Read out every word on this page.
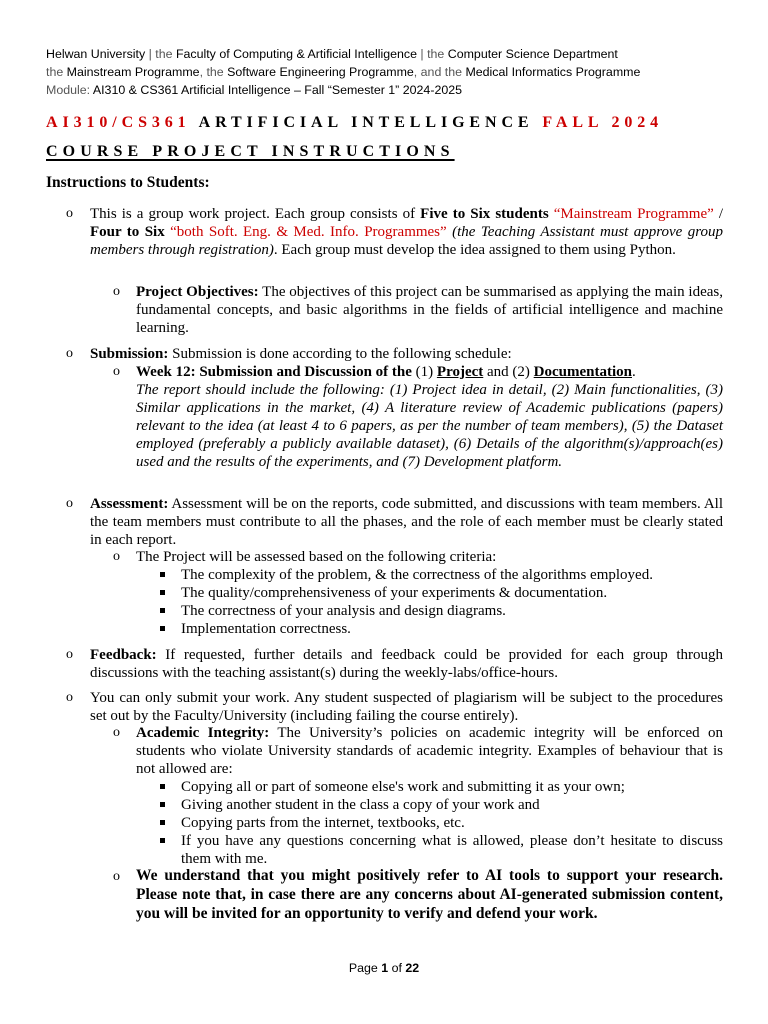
Helwan University | the Faculty of Computing & Artificial Intelligence | the Computer Science Department
the Mainstream Programme, the Software Engineering Programme, and the Medical Informatics Programme
Module: AI310 & CS361 Artificial Intelligence – Fall “Semester 1” 2024-2025
AI310/CS361 ARTIFICIAL INTELLIGENCE FALL 2024
COURSE PROJECT INSTRUCTIONS
Instructions to Students:
o This is a group work project. Each group consists of Five to Six students “Mainstream Programme” / Four to Six “both Soft. Eng. & Med. Info. Programmes” (the Teaching Assistant must approve group members through registration). Each group must develop the idea assigned to them using Python.
o Project Objectives: The objectives of this project can be summarised as applying the main ideas, fundamental concepts, and basic algorithms in the fields of artificial intelligence and machine learning.
o Submission: Submission is done according to the following schedule:
o Week 12: Submission and Discussion of the (1) Project and (2) Documentation.
The report should include the following: (1) Project idea in detail, (2) Main functionalities, (3) Similar applications in the market, (4) A literature review of Academic publications (papers) relevant to the idea (at least 4 to 6 papers, as per the number of team members), (5) the Dataset employed (preferably a publicly available dataset), (6) Details of the algorithm(s)/approach(es) used and the results of the experiments, and (7) Development platform.
o Assessment: Assessment will be on the reports, code submitted, and discussions with team members. All the team members must contribute to all the phases, and the role of each member must be clearly stated in each report.
o The Project will be assessed based on the following criteria:
The complexity of the problem, & the correctness of the algorithms employed.
The quality/comprehensiveness of your experiments & documentation.
The correctness of your analysis and design diagrams.
Implementation correctness.
o Feedback: If requested, further details and feedback could be provided for each group through discussions with the teaching assistant(s) during the weekly-labs/office-hours.
o You can only submit your work. Any student suspected of plagiarism will be subject to the procedures set out by the Faculty/University (including failing the course entirely).
o Academic Integrity: The University’s policies on academic integrity will be enforced on students who violate University standards of academic integrity. Examples of behaviour that is not allowed are:
Copying all or part of someone else's work and submitting it as your own;
Giving another student in the class a copy of your work and
Copying parts from the internet, textbooks, etc.
If you have any questions concerning what is allowed, please don’t hesitate to discuss them with me.
o We understand that you might positively refer to AI tools to support your research. Please note that, in case there are any concerns about AI-generated submission content, you will be invited for an opportunity to verify and defend your work.
Page 1 of 22
